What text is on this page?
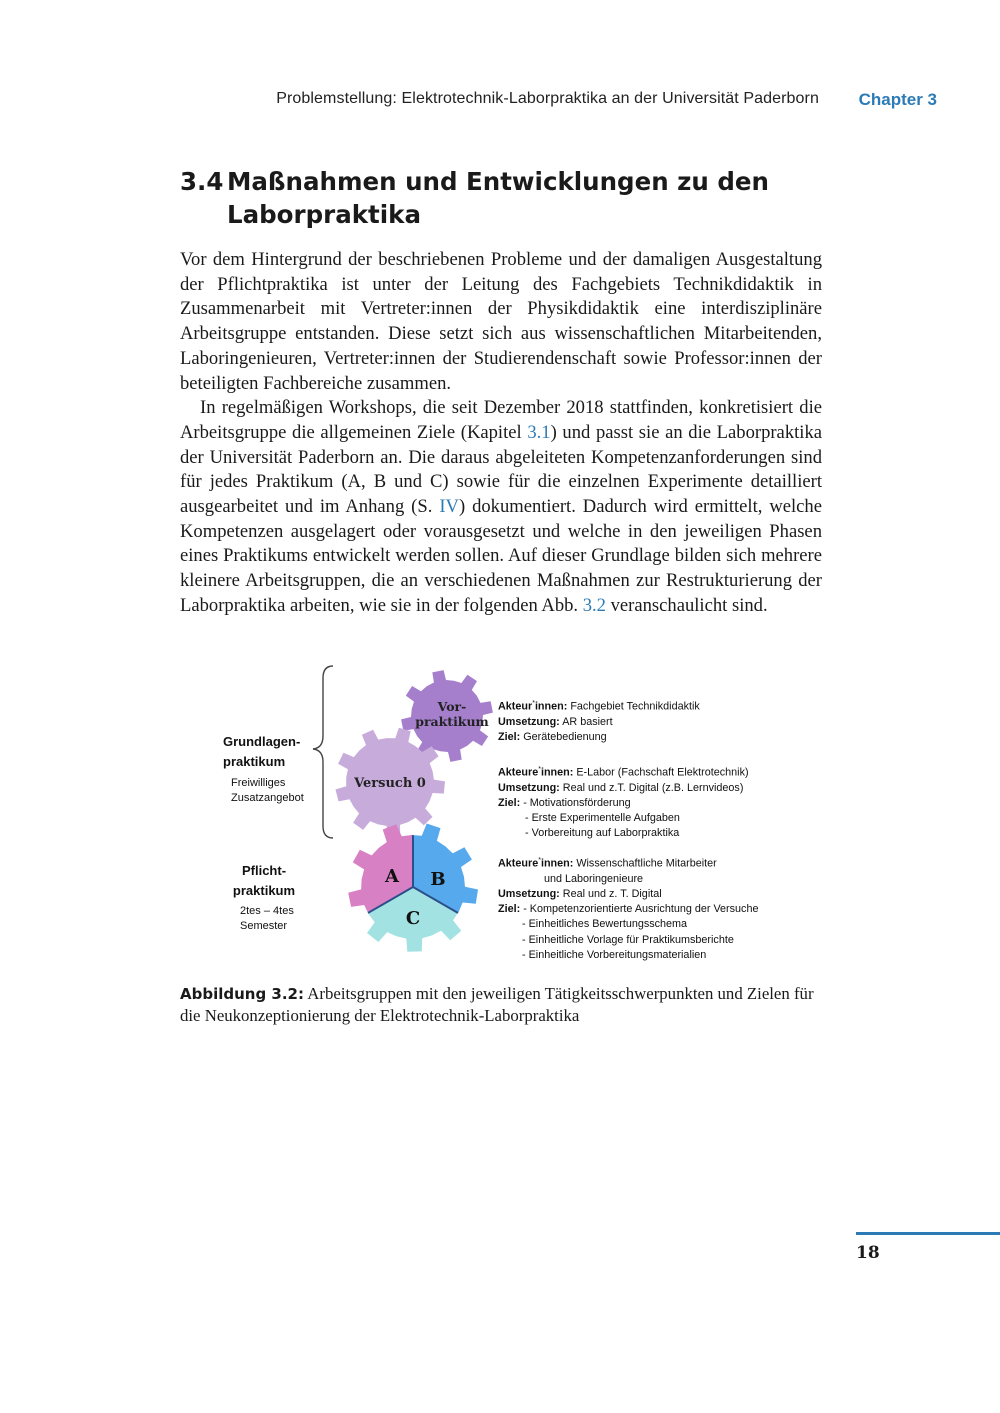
Problemstellung: Elektrotechnik-Laborpraktika an der Universität Paderborn Chapter 3
3.4 Maßnahmen und Entwicklungen zu den Laborpraktika

Vor dem Hintergrund der beschriebenen Probleme und der damaligen Ausgestaltung der Pflichtpraktika ist unter der Leitung des Fachgebiets Technikdidaktik in Zusammenarbeit mit Vertreter:innen der Physikdidaktik eine interdisziplinäre Arbeitsgruppe entstanden. Diese setzt sich aus wissenschaftlichen Mitarbeitenden, Laboringenieuren, Vertreter:innen der Studierendenschaft sowie Professor:innen der beteiligten Fachbereiche zusammen.

In regelmäßigen Workshops, die seit Dezember 2018 stattfinden, konkretisiert die Arbeitsgruppe die allgemeinen Ziele (Kapitel 3.1) und passt sie an die Laborpraktika der Universität Paderborn an. Die daraus abgeleiteten Kompetenzanforderungen sind für jedes Praktikum (A, B und C) sowie für die einzelnen Experimente detailliert ausgearbeitet und im Anhang (S. IV) dokumentiert. Dadurch wird ermittelt, welche Kompetenzen ausgelagert oder vorausgesetzt und welche in den jeweiligen Phasen eines Praktikums entwickelt werden sollen. Auf dieser Grundlage bilden sich mehrere kleinere Arbeitsgruppen, die an verschiedenen Maßnahmen zur Restrukturierung der Laborpraktika arbeiten, wie sie in der folgenden Abb. 3.2 veranschaulicht sind.

Vor-
praktikum
Versuch 0
A B
C
Grundlagen-
praktikum
Freiwilliges
Zusatzangebot
Pflicht-
praktikum
2tes – 4tes
Semester
Akteur*innen: Fachgebiet Technikdidaktik
Umsetzung: AR basiert
Ziel: Gerätebedienung
Akteure*innen: E-Labor (Fachschaft Elektrotechnik)
Umsetzung: Real und z.T. Digital (z.B. Lernvideos)
Ziel: - Motivationsförderung
- Erste Experimentelle Aufgaben
- Vorbereitung auf Laborpraktika
Akteure*innen: Wissenschaftliche Mitarbeiter
und Laboringenieure
Umsetzung: Real und z. T. Digital
Ziel: - Kompetenzorientierte Ausrichtung der Versuche
- Einheitliches Bewertungsschema
- Einheitliche Vorlage für Praktikumsberichte
- Einheitliche Vorbereitungsmaterialien
Abbildung 3.2: Arbeitsgruppen mit den jeweiligen Tätigkeitsschwerpunkten und Zielen für die Neukonzeptionierung der Elektrotechnik-Laborpraktika
18
